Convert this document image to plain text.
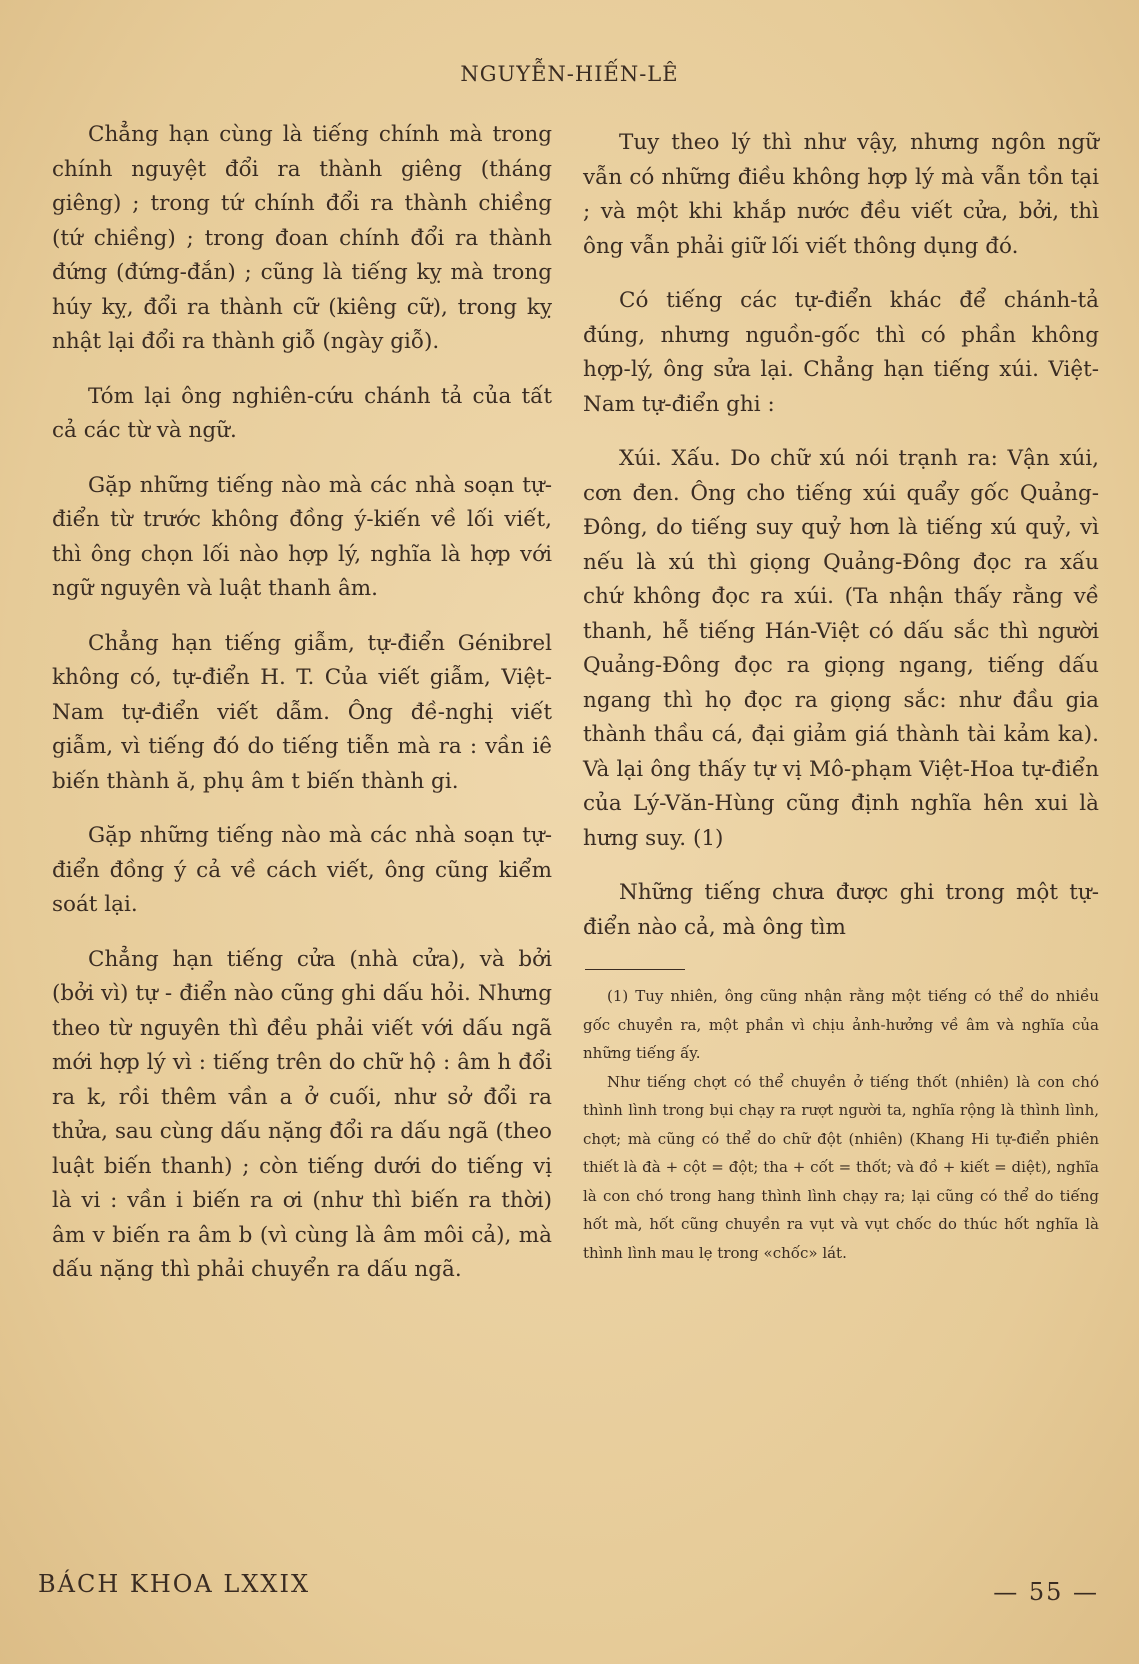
NGUYỄN-HIẾN-LÊ

Chẳng hạn cùng là tiếng chính mà trong chính nguyệt đổi ra thành giêng (tháng giêng) ; trong tứ chính đổi ra thành chiềng (tứ chiềng) ; trong đoan chính đổi ra thành đứng (đứng-đắn) ; cũng là tiếng kỵ mà trong húy kỵ, đổi ra thành cữ (kiêng cữ), trong kỵ nhật lại đổi ra thành giỗ (ngày giỗ).

Tóm lại ông nghiên-cứu chánh tả của tất cả các từ và ngữ.

Gặp những tiếng nào mà các nhà soạn tự-điển từ trước không đồng ý-kiến về lối viết, thì ông chọn lối nào hợp lý, nghĩa là hợp với ngữ nguyên và luật thanh âm.

Chẳng hạn tiếng giẫm, tự-điển Génibrel không có, tự-điển H. T. Của viết giẫm, Việt-Nam tự-điển viết dẫm. Ông đề-nghị viết giẫm, vì tiếng đó do tiếng tiễn mà ra : vần iê biến thành ă, phụ âm t biến thành gi.

Gặp những tiếng nào mà các nhà soạn tự-điển đồng ý cả về cách viết, ông cũng kiểm soát lại.

Chẳng hạn tiếng cửa (nhà cửa), và bởi (bởi vì) tự - điển nào cũng ghi dấu hỏi. Nhưng theo từ nguyên thì đều phải viết với dấu ngã mới hợp lý vì : tiếng trên do chữ hộ : âm h đổi ra k, rồi thêm vần a ở cuối, như sở đổi ra thửa, sau cùng dấu nặng đổi ra dấu ngã (theo luật biến thanh) ; còn tiếng dưới do tiếng vị là vi : vần i biến ra ơi (như thì biến ra thời) âm v biến ra âm b (vì cùng là âm môi cả), mà dấu nặng thì phải chuyển ra dấu ngã.

Tuy theo lý thì như vậy, nhưng ngôn ngữ vẫn có những điều không hợp lý mà vẫn tồn tại ; và một khi khắp nước đều viết cửa, bởi, thì ông vẫn phải giữ lối viết thông dụng đó.

Có tiếng các tự-điển khác để chánh-tả đúng, nhưng nguồn-gốc thì có phần không hợp-lý, ông sửa lại. Chẳng hạn tiếng xúi. Việt-Nam tự-điển ghi :

Xúi. Xấu. Do chữ xú nói trạnh ra: Vận xúi, cơn đen. Ông cho tiếng xúi quẩy gốc Quảng-Đông, do tiếng suy quỷ hơn là tiếng xú quỷ, vì nếu là xú thì giọng Quảng-Đông đọc ra xấu chứ không đọc ra xúi. (Ta nhận thấy rằng về thanh, hễ tiếng Hán-Việt có dấu sắc thì người Quảng-Đông đọc ra giọng ngang, tiếng dấu ngang thì họ đọc ra giọng sắc: như đầu gia thành thầu cá, đại giảm giá thành tài kảm ka). Và lại ông thấy tự vị Mô-phạm Việt-Hoa tự-điển của Lý-Văn-Hùng cũng định nghĩa hên xui là hưng suy. (1)

Những tiếng chưa được ghi trong một tự-điển nào cả, mà ông tìm

(1) Tuy nhiên, ông cũng nhận rằng một tiếng có thể do nhiều gốc chuyền ra, một phần vì chịu ảnh-hưởng về âm và nghĩa của những tiếng ấy.

Như tiếng chợt có thể chuyền ở tiếng thốt (nhiên) là con chó thình lình trong bụi chạy ra rượt người ta, nghĩa rộng là thình lình, chợt; mà cũng có thể do chữ đột (nhiên) (Khang Hi tự-điển phiên thiết là đà + cột = đột; tha + cốt = thốt; và đồ + kiết = diệt), nghĩa là con chó trong hang thình lình chạy ra; lại cũng có thể do tiếng hốt mà, hốt cũng chuyền ra vụt và vụt chốc do thúc hốt nghĩa là thình lình mau lẹ trong «chốc» lát.

BÁCH KHOA LXXIX	— 55 —
